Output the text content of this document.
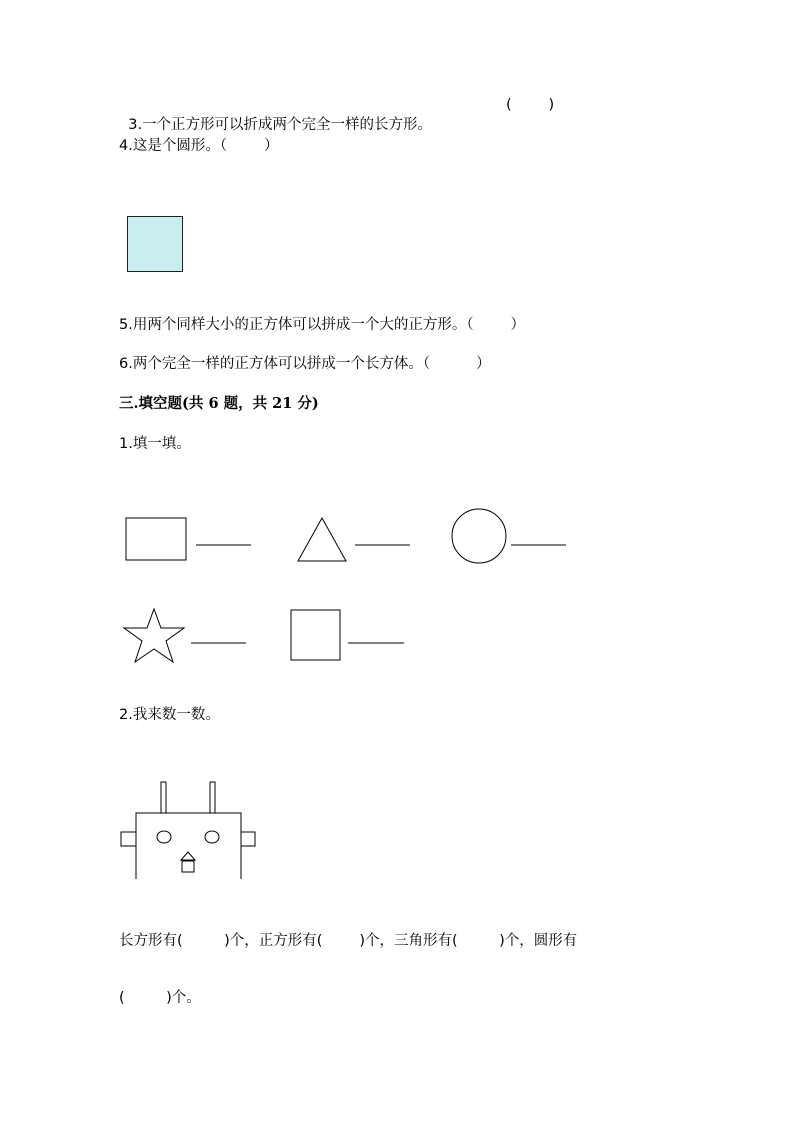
3.一个正方形可以折成两个完全一样的长方形。

(        )
4.这是个圆形。（        ）
5.用两个同样大小的正方体可以拼成一个大的正方形。（        ）
6.两个完全一样的正方体可以拼成一个长方体。（          ）
三.填空题(共 6 题，共 21 分)
1.填一填。
2.我来数一数。
长方形有(         )个，正方形有(        )个，三角形有(         )个，圆形有
(         )个。
